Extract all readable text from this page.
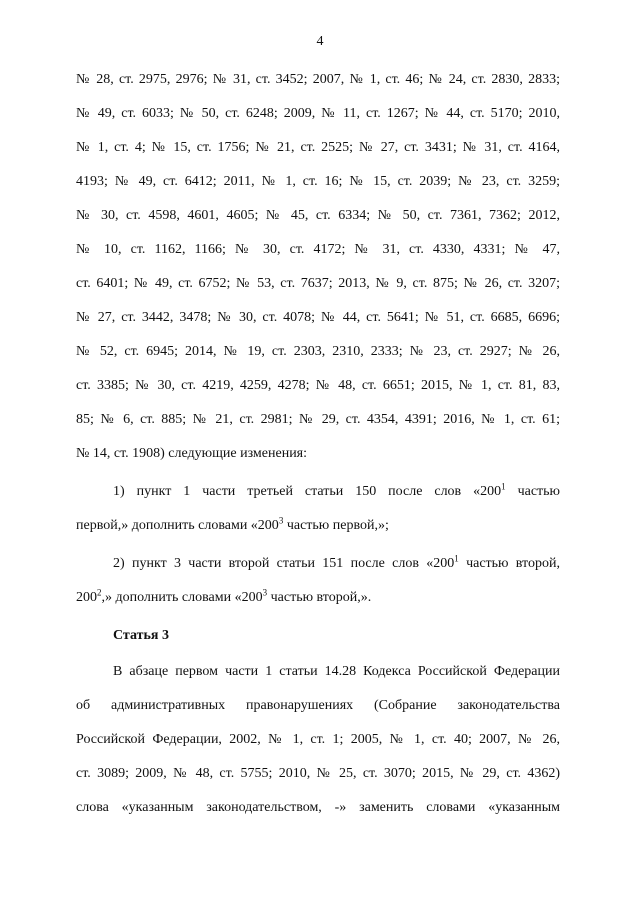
4
№ 28, ст. 2975, 2976; № 31, ст. 3452; 2007, № 1, ст. 46; № 24, ст. 2830, 2833;
№ 49, ст. 6033; № 50, ст. 6248; 2009, № 11, ст. 1267; № 44, ст. 5170; 2010,
№ 1, ст. 4; № 15, ст. 1756; № 21, ст. 2525; № 27, ст. 3431; № 31, ст. 4164,
4193; № 49, ст. 6412; 2011, № 1, ст. 16; № 15, ст. 2039; № 23, ст. 3259;
№ 30, ст. 4598, 4601, 4605; № 45, ст. 6334; № 50, ст. 7361, 7362; 2012,
№ 10, ст. 1162, 1166; № 30, ст. 4172; № 31, ст. 4330, 4331; № 47,
ст. 6401; № 49, ст. 6752; № 53, ст. 7637; 2013, № 9, ст. 875; № 26, ст. 3207;
№ 27, ст. 3442, 3478; № 30, ст. 4078; № 44, ст. 5641; № 51, ст. 6685, 6696;
№ 52, ст. 6945; 2014, № 19, ст. 2303, 2310, 2333; № 23, ст. 2927; № 26,
ст. 3385; № 30, ст. 4219, 4259, 4278; № 48, ст. 6651; 2015, № 1, ст. 81, 83,
85; № 6, ст. 885; № 21, ст. 2981; № 29, ст. 4354, 4391; 2016, № 1, ст. 61;
№ 14, ст. 1908) следующие изменения:
1) пункт 1 части третьей статьи 150 после слов «$200^1$ частью
первой,» дополнить словами «$200^3$ частью первой,»;
2) пункт 3 части второй статьи 151 после слов «$200^1$ частью второй,
$200^2$,» дополнить словами «$200^3$ частью второй,».
Статья 3
В абзаце первом части 1 статьи 14.28 Кодекса Российской Федерации
об административных правонарушениях (Собрание законодательства
Российской Федерации, 2002, № 1, ст. 1; 2005, № 1, ст. 40; 2007, № 26,
ст. 3089; 2009, № 48, ст. 5755; 2010, № 25, ст. 3070; 2015, № 29, ст. 4362)
слова «указанным законодательством, -» заменить словами «указанным
